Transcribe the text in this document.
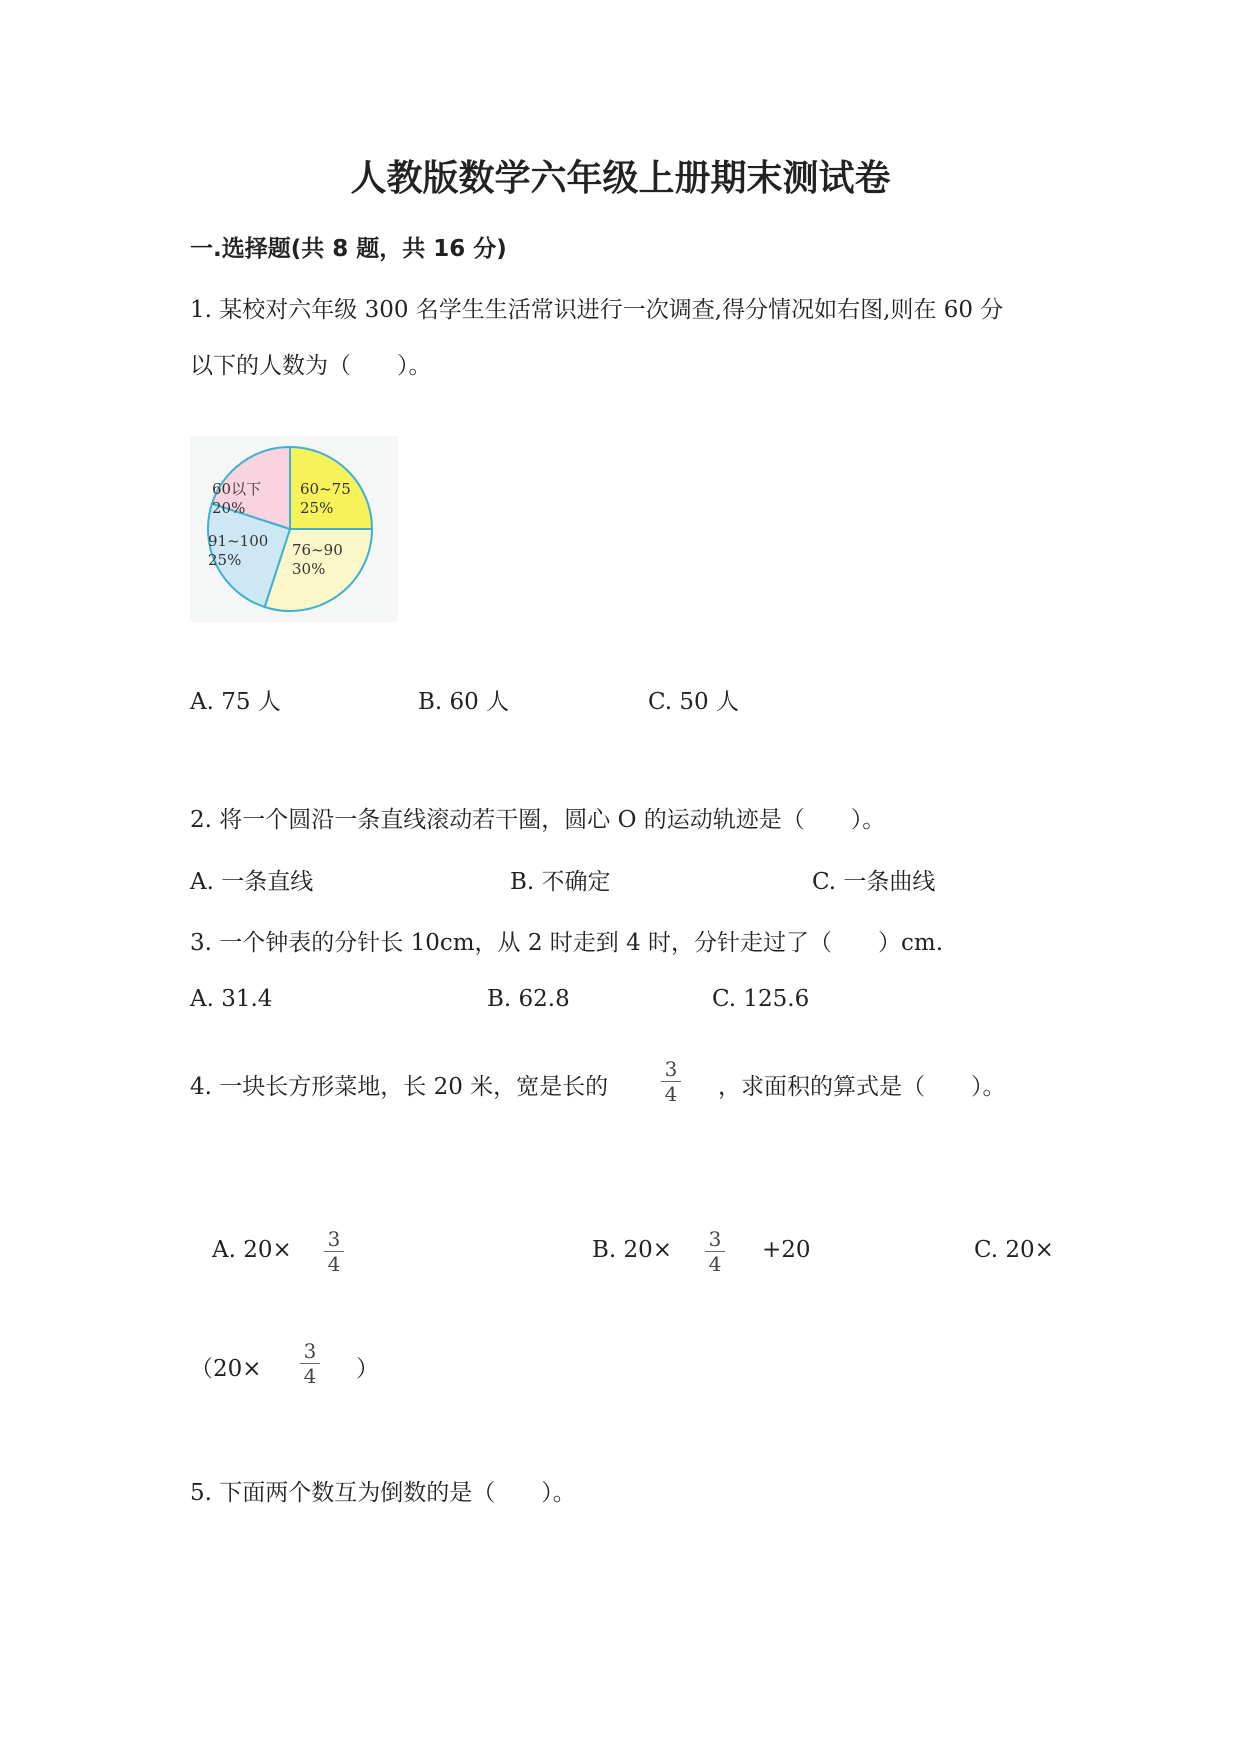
人教版数学六年级上册期末测试卷
一.选择题(共 8 题，共 16 分)
1. 某校对六年级 300 名学生生活常识进行一次调查,得分情况如右图,则在 60 分
以下的人数为（　　）。
60以下
20%
60~75
25%
76~90
30%
91~100
25%
A. 75 人	B. 60 人	C. 50 人
2. 将一个圆沿一条直线滚动若干圈，圆心 O 的运动轨迹是（　　）。
A. 一条直线	B. 不确定	C. 一条曲线
3. 一个钟表的分针长 10cm，从 2 时走到 4 时，分针走过了（　　）cm.
A. 31.4	B. 62.8	C. 125.6
4. 一块长方形菜地，长 20 米，宽是长的
3
4 ，求面积的算式是（　　）。
A. 20× 3
4
B. 20× 3
4
+20	C. 20×
（20×
3
4 ）
5. 下面两个数互为倒数的是（　　）。
